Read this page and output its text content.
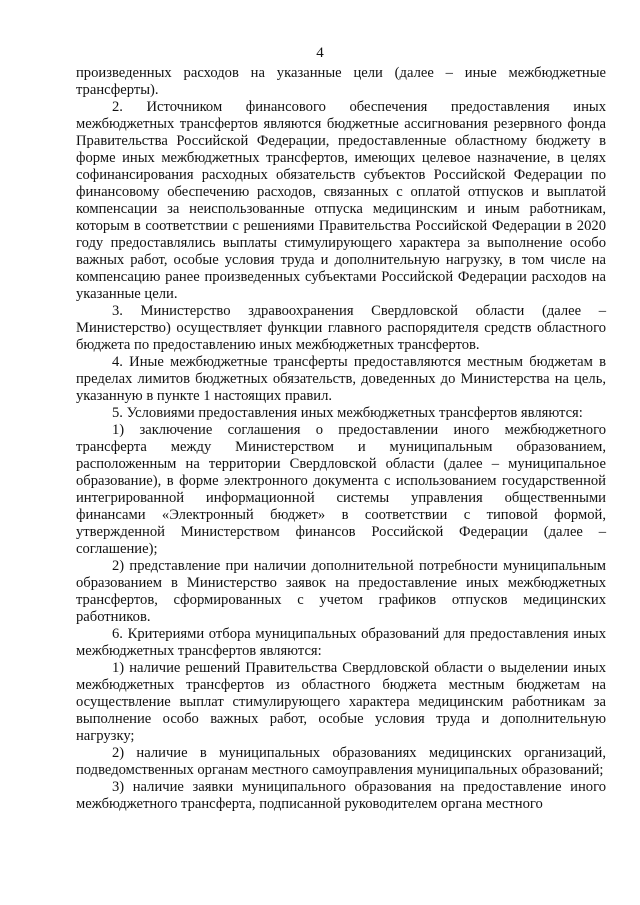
4

произведенных расходов на указанные цели (далее – иные межбюджетные трансферты).

2. Источником финансового обеспечения предоставления иных межбюджетных трансфертов являются бюджетные ассигнования резервного фонда Правительства Российской Федерации, предоставленные областному бюджету в форме иных межбюджетных трансфертов, имеющих целевое назначение, в целях софинансирования расходных обязательств субъектов Российской Федерации по финансовому обеспечению расходов, связанных с оплатой отпусков и выплатой компенсации за неиспользованные отпуска медицинским и иным работникам, которым в соответствии с решениями Правительства Российской Федерации в 2020 году предоставлялись выплаты стимулирующего характера за выполнение особо важных работ, особые условия труда и дополнительную нагрузку, в том числе на компенсацию ранее произведенных субъектами Российской Федерации расходов на указанные цели.

3. Министерство здравоохранения Свердловской области (далее – Министерство) осуществляет функции главного распорядителя средств областного бюджета по предоставлению иных межбюджетных трансфертов.

4. Иные межбюджетные трансферты предоставляются местным бюджетам в пределах лимитов бюджетных обязательств, доведенных до Министерства на цель, указанную в пункте 1 настоящих правил.

5. Условиями предоставления иных межбюджетных трансфертов являются:

1) заключение соглашения о предоставлении иного межбюджетного трансферта между Министерством и муниципальным образованием, расположенным на территории Свердловской области (далее – муниципальное образование), в форме электронного документа с использованием государственной интегрированной информационной системы управления общественными финансами «Электронный бюджет» в соответствии с типовой формой, утвержденной Министерством финансов Российской Федерации (далее – соглашение);

2) представление при наличии дополнительной потребности муниципальным образованием в Министерство заявок на предоставление иных межбюджетных трансфертов, сформированных с учетом графиков отпусков медицинских работников.

6. Критериями отбора муниципальных образований для предоставления иных межбюджетных трансфертов являются:

1) наличие решений Правительства Свердловской области о выделении иных межбюджетных трансфертов из областного бюджета местным бюджетам на осуществление выплат стимулирующего характера медицинским работникам за выполнение особо важных работ, особые условия труда и дополнительную нагрузку;

2) наличие в муниципальных образованиях медицинских организаций, подведомственных органам местного самоуправления муниципальных образований;

3) наличие заявки муниципального образования на предоставление иного межбюджетного трансферта, подписанной руководителем органа местного
